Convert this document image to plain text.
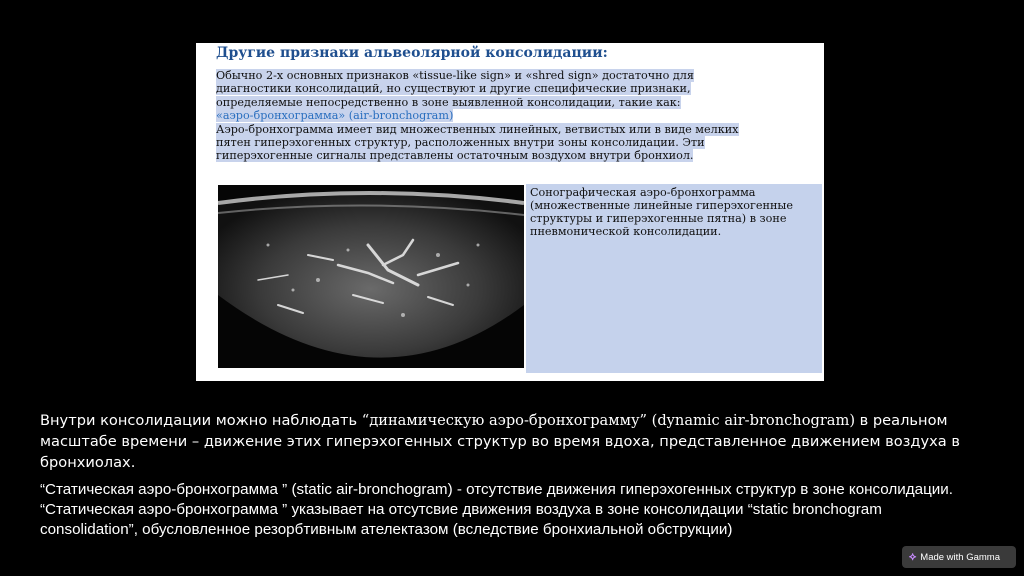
Другие признаки альвеолярной консолидации:
Обычно 2-х основных признаков «tissue-like sign» и «shred sign» достаточно для
диагностики консолидаций, но существуют и другие специфические признаки,
определяемые непосредственно в зоне выявленной консолидации, такие как:
«аэро-бронхограмма» (air-bronchogram)
Аэро-бронхограмма имеет вид множественных линейных, ветвистых или в виде мелких
пятен гиперэхогенных структур, расположенных внутри зоны консолидации. Эти
гиперэхогенные сигналы представлены остаточным воздухом внутри бронхиол.
Сонографическая аэро-бронхограмма (множественные линейные гиперэхогенные структуры и гиперэхогенные пятна) в зоне пневмонической консолидации.
Внутри консолидации можно наблюдать “динамическую аэро-бронхограмму” (dynamic air-bronchogram) в реальном масштабе времени – движение этих гиперэхогенных структур во время вдоха, представленное движением воздуха в бронхиолах.

“Статическая аэро-бронхограмма ” (static air-bronchogram) - отсутствие движения гиперэхогенных структур в зоне консолидации.

“Статическая аэро-бронхограмма ” указывает на отсутсвие движения воздуха в зоне консолидации “static bronchogram consolidation”, обусловленное резорбтивным ателектазом (вследствие бронхиальной обструкции)

⟡ Made with Gamma
